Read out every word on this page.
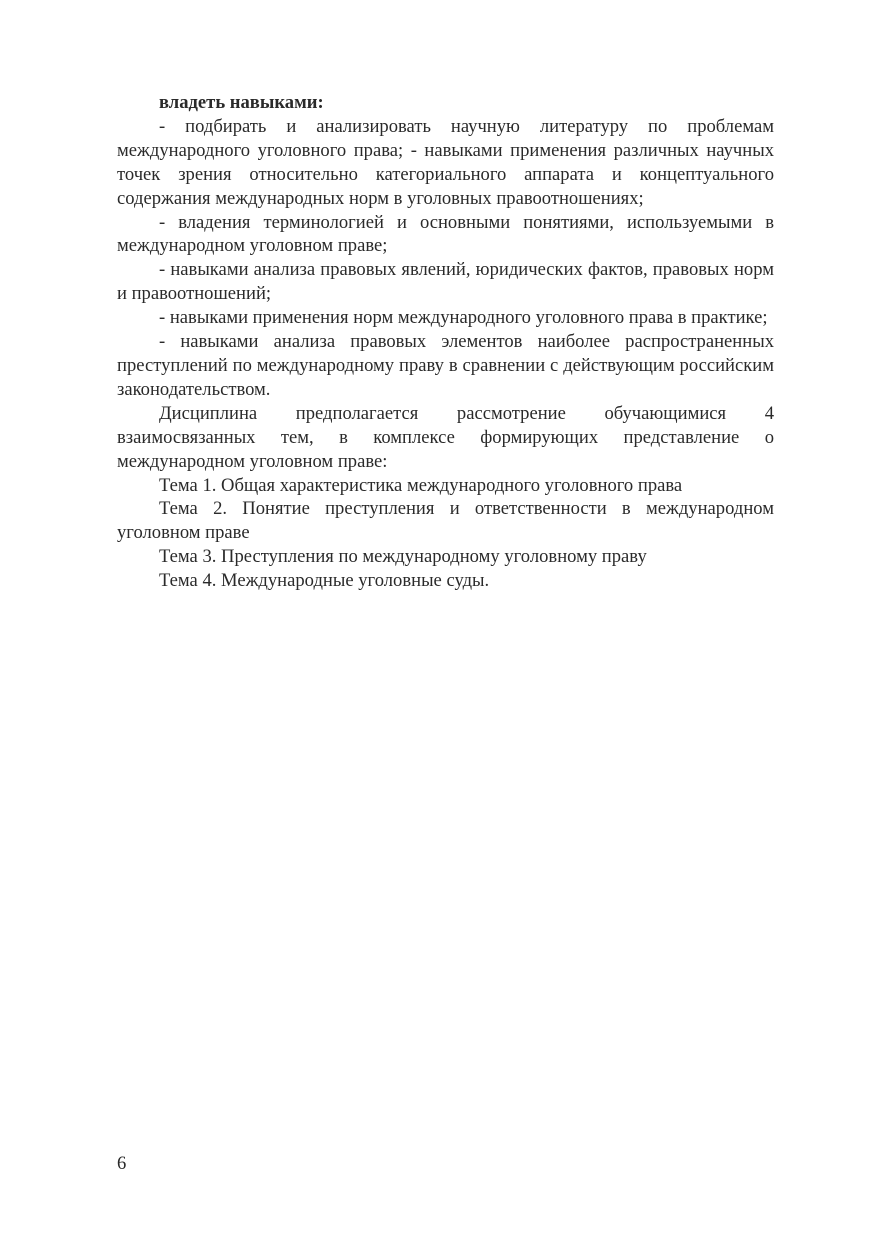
владеть навыками:

- подбирать и анализировать научную литературу по проблемам международного уголовного права; - навыками применения различных научных точек зрения относительно категориального аппарата и концептуального содержания международных норм в уголовных правоотношениях;

- владения терминологией и основными понятиями, используемыми в международном уголовном праве;

- навыками анализа правовых явлений, юридических фактов, правовых норм и правоотношений;

- навыками применения норм международного уголовного права в практике;

- навыками анализа правовых элементов наиболее распространенных преступлений по международному праву в сравнении с действующим российским законодательством.

Дисциплина предполагается рассмотрение обучающимися 4 взаимосвязанных тем, в комплексе формирующих представление о международном уголовном праве:

Тема 1. Общая характеристика международного уголовного права

Тема 2. Понятие преступления и ответственности в международном уголовном праве

Тема 3. Преступления по международному уголовному праву

Тема 4. Международные уголовные суды.

6
